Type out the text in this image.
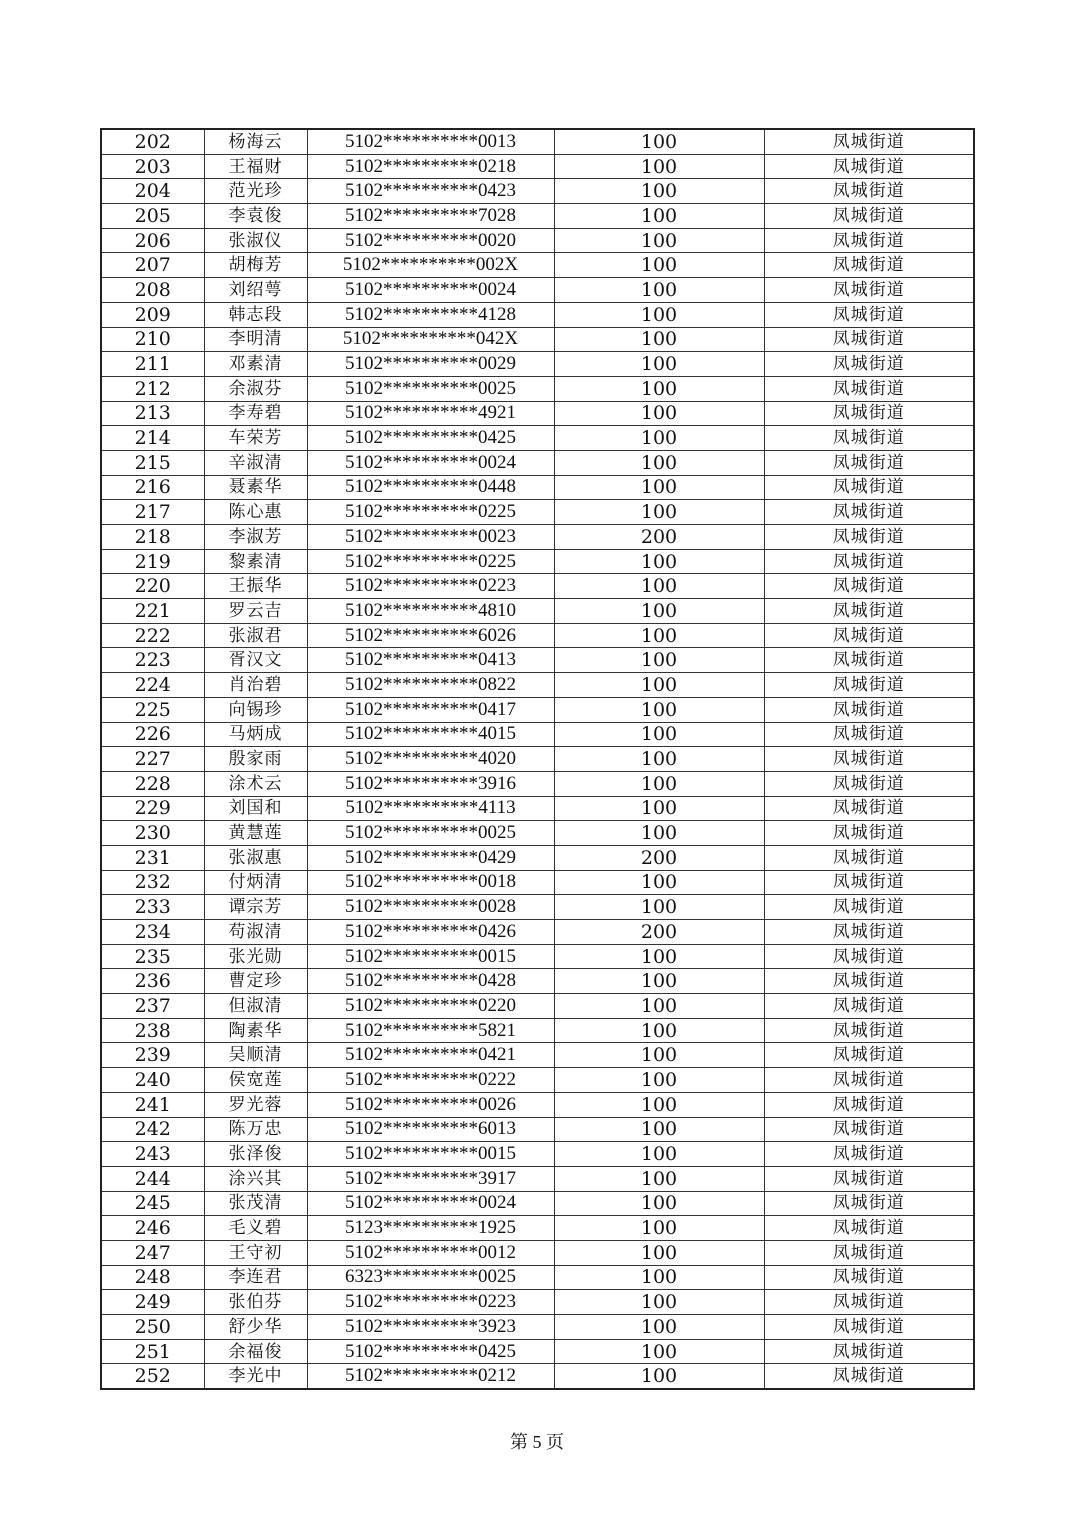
202	杨海云	5102**********0013	100	凤城街道
203	王福财	5102**********0218	100	凤城街道
204	范光珍	5102**********0423	100	凤城街道
205	李袁俊	5102**********7028	100	凤城街道
206	张淑仪	5102**********0020	100	凤城街道
207	胡梅芳	5102**********002X	100	凤城街道
208	刘绍萼	5102**********0024	100	凤城街道
209	韩志段	5102**********4128	100	凤城街道
210	李明清	5102**********042X	100	凤城街道
211	邓素清	5102**********0029	100	凤城街道
212	余淑芬	5102**********0025	100	凤城街道
213	李寿碧	5102**********4921	100	凤城街道
214	车荣芳	5102**********0425	100	凤城街道
215	辛淑清	5102**********0024	100	凤城街道
216	聂素华	5102**********0448	100	凤城街道
217	陈心惠	5102**********0225	100	凤城街道
218	李淑芳	5102**********0023	200	凤城街道
219	黎素清	5102**********0225	100	凤城街道
220	王振华	5102**********0223	100	凤城街道
221	罗云吉	5102**********4810	100	凤城街道
222	张淑君	5102**********6026	100	凤城街道
223	胥汉文	5102**********0413	100	凤城街道
224	肖治碧	5102**********0822	100	凤城街道
225	向锡珍	5102**********0417	100	凤城街道
226	马炳成	5102**********4015	100	凤城街道
227	殷家雨	5102**********4020	100	凤城街道
228	涂术云	5102**********3916	100	凤城街道
229	刘国和	5102**********4113	100	凤城街道
230	黄慧莲	5102**********0025	100	凤城街道
231	张淑惠	5102**********0429	200	凤城街道
232	付炳清	5102**********0018	100	凤城街道
233	谭宗芳	5102**********0028	100	凤城街道
234	苟淑清	5102**********0426	200	凤城街道
235	张光勋	5102**********0015	100	凤城街道
236	曹定珍	5102**********0428	100	凤城街道
237	但淑清	5102**********0220	100	凤城街道
238	陶素华	5102**********5821	100	凤城街道
239	吴顺清	5102**********0421	100	凤城街道
240	侯宽莲	5102**********0222	100	凤城街道
241	罗光蓉	5102**********0026	100	凤城街道
242	陈万忠	5102**********6013	100	凤城街道
243	张泽俊	5102**********0015	100	凤城街道
244	涂兴其	5102**********3917	100	凤城街道
245	张茂清	5102**********0024	100	凤城街道
246	毛义碧	5123**********1925	100	凤城街道
247	王守初	5102**********0012	100	凤城街道
248	李连君	6323**********0025	100	凤城街道
249	张伯芬	5102**********0223	100	凤城街道
250	舒少华	5102**********3923	100	凤城街道
251	余福俊	5102**********0425	100	凤城街道
252	李光中	5102**********0212	100	凤城街道
第 5 页
